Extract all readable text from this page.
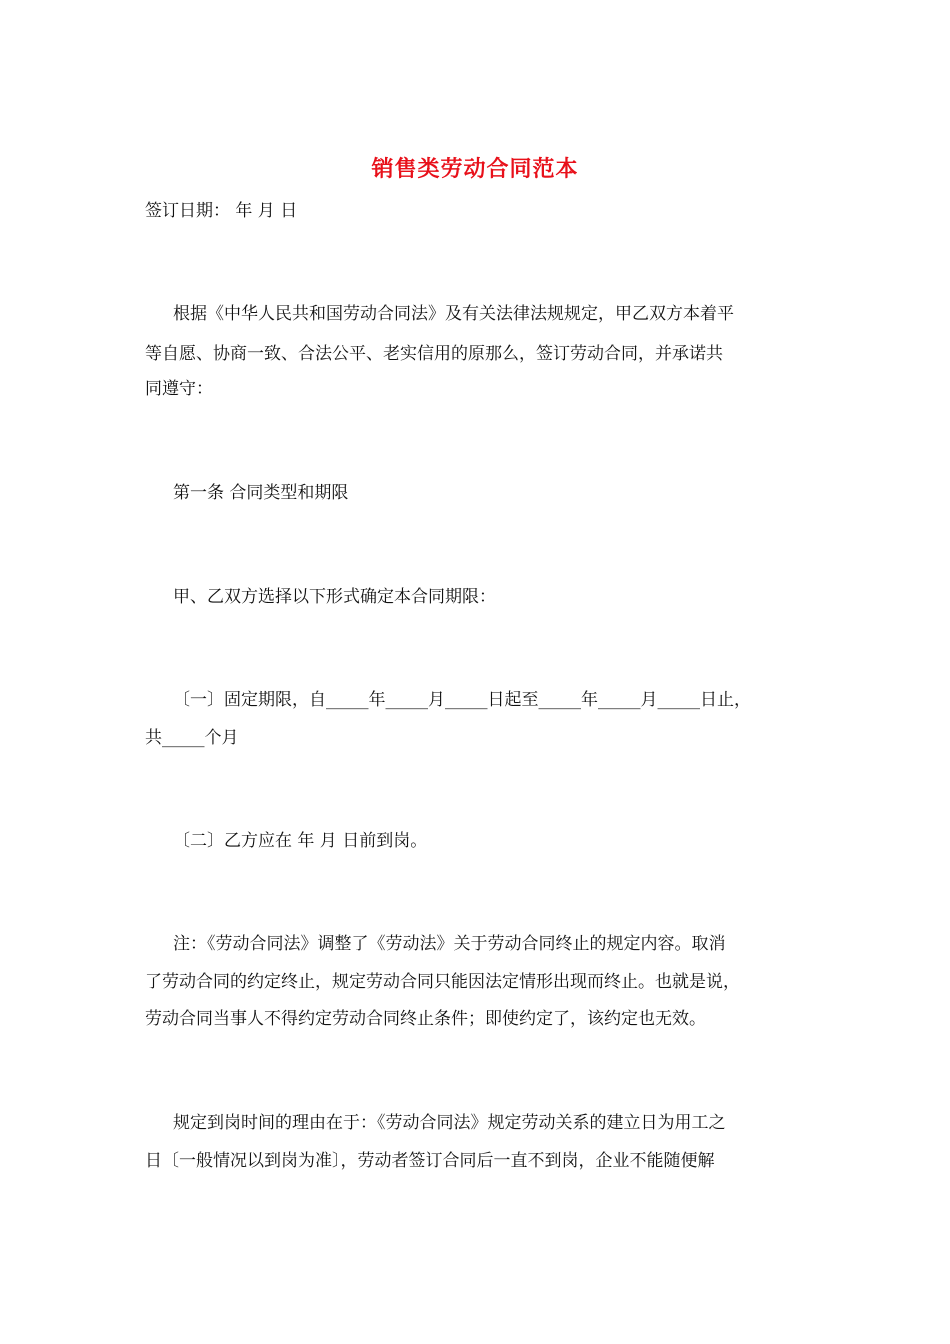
销售类劳动合同范本
签订日期： 年 月 日
根据《中华人民共和国劳动合同法》及有关法律法规规定，甲乙双方本着平
等自愿、协商一致、合法公平、老实信用的原那么，签订劳动合同，并承诺共
同遵守：
第一条 合同类型和期限
甲、乙双方选择以下形式确定本合同期限：
〔一〕固定期限，自_____年_____月_____日起至_____年_____月_____日止，
共_____个月
〔二〕乙方应在 年 月 日前到岗。
注：《劳动合同法》调整了《劳动法》关于劳动合同终止的规定内容。取消
了劳动合同的约定终止，规定劳动合同只能因法定情形出现而终止。也就是说，
劳动合同当事人不得约定劳动合同终止条件；即使约定了，该约定也无效。
规定到岗时间的理由在于：《劳动合同法》规定劳动关系的建立日为用工之
日〔一般情况以到岗为准〕，劳动者签订合同后一直不到岗，企业不能随便解
